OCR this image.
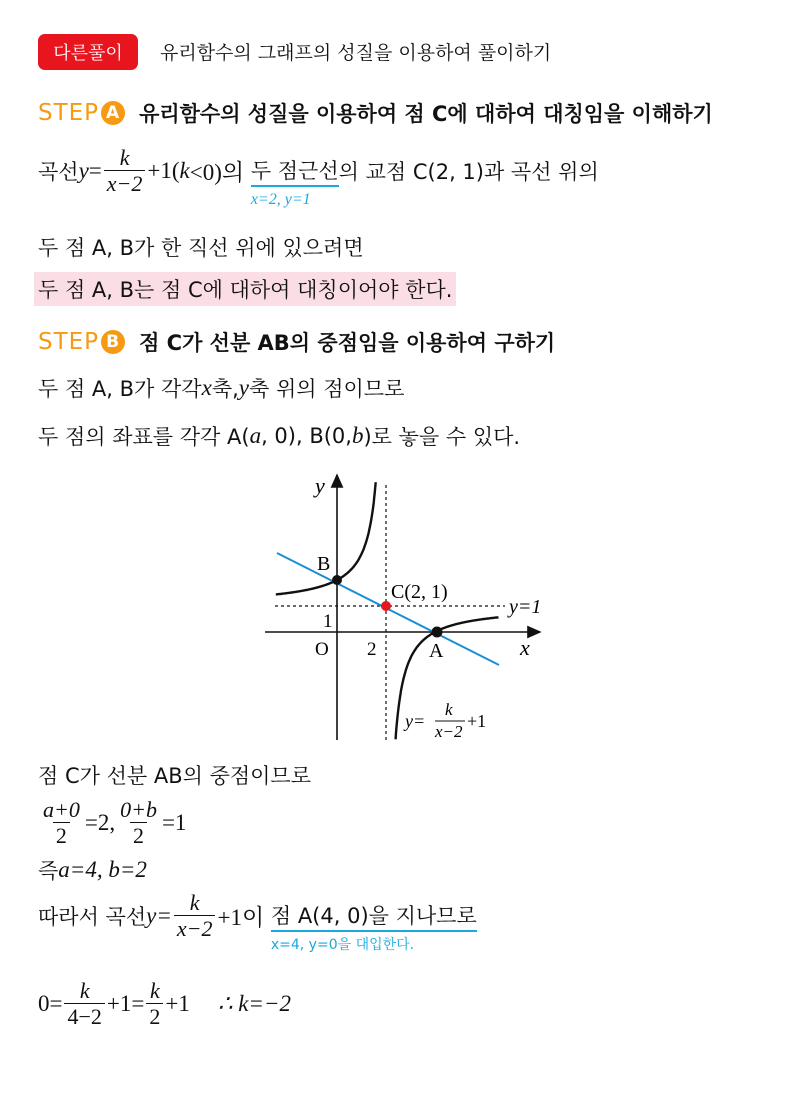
다른풀이	유리함수의 그래프의 성질을 이용하여 풀이하기
STEP A 유리함수의 성질을 이용하여 점 C에 대하여 대칭임을 이해하기
곡선 $y = \frac{k}{x-2} +1$( k <0)의
두 점근선
x=2, y=1
의 교점 C(2, 1)과 곡선 위의
두 점 A, B가 한 직선 위에 있으려면
두 점 A, B는 점 C에 대하여 대칭이어야 한다.
STEP B 점 C가 선분 AB의 중점임을 이용하여 구하기
두 점 A, B가 각각 x 축, y 축 위의 점이므로
두 점의 좌표를 각각 A( a , 0), B(0, b )로 놓을 수 있다.
y
x
B
C(2, 1)
1
O 2	A
y=1
y=
k
x−2
+1
점 C가 선분 AB의 중점이므로
$\frac{a+0}{2} =2$, $\frac{0+b}{2} =1$
즉 a=4, b=2
따라서 곡선 $y= \frac{k}{x-2} +1$이
점 A(4, 0)을 지나므로
x=4, y=0을 대입한다.
$0= \frac{k}{4-2} +1= \frac{k}{2} +1$ ∴ k=−2
